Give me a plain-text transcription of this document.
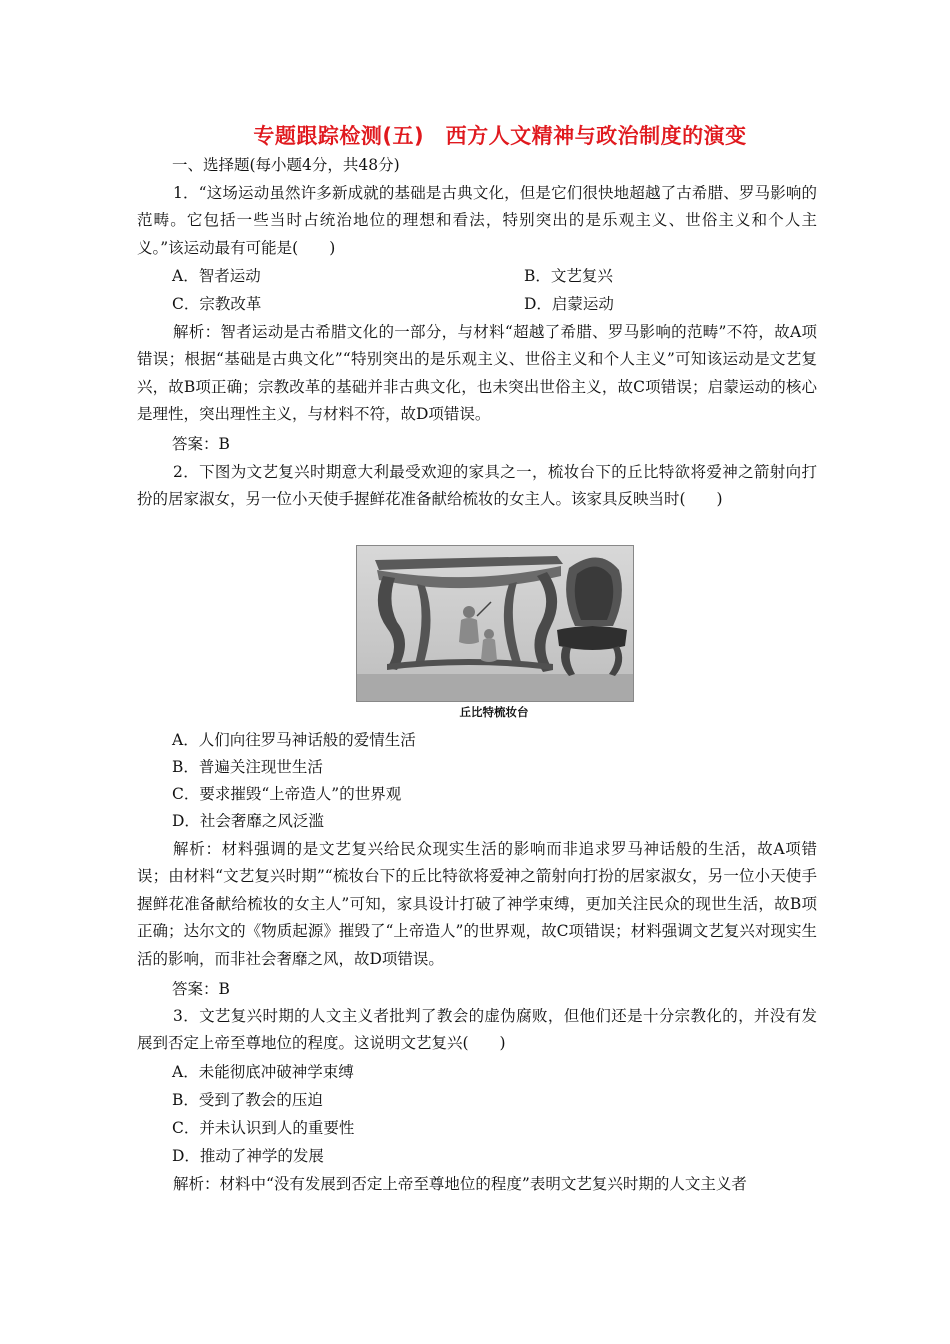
专题跟踪检测(五)　西方人文精神与政治制度的演变
一、选择题(每小题4分，共48分)
1．“这场运动虽然许多新成就的基础是古典文化，但是它们很快地超越了古希腊、罗马影响的范畴。它包括一些当时占统治地位的理想和看法，特别突出的是乐观主义、世俗主义和个人主义。”该运动最有可能是(　　)
A．智者运动	B．文艺复兴
C．宗教改革	D．启蒙运动
解析：智者运动是古希腊文化的一部分，与材料“超越了希腊、罗马影响的范畴”不符，故A项错误；根据“基础是古典文化”“特别突出的是乐观主义、世俗主义和个人主义”可知该运动是文艺复兴，故B项正确；宗教改革的基础并非古典文化，也未突出世俗主义，故C项错误；启蒙运动的核心是理性，突出理性主义，与材料不符，故D项错误。
答案：B
2．下图为文艺复兴时期意大利最受欢迎的家具之一，梳妆台下的丘比特欲将爱神之箭射向打扮的居家淑女，另一位小天使手握鲜花准备献给梳妆的女主人。该家具反映当时(　　)
丘比特梳妆台
A．人们向往罗马神话般的爱情生活
B．普遍关注现世生活
C．要求摧毁“上帝造人”的世界观
D．社会奢靡之风泛滥
解析：材料强调的是文艺复兴给民众现实生活的影响而非追求罗马神话般的生活，故A项错误；由材料“文艺复兴时期”“梳妆台下的丘比特欲将爱神之箭射向打扮的居家淑女，另一位小天使手握鲜花准备献给梳妆的女主人”可知，家具设计打破了神学束缚，更加关注民众的现世生活，故B项正确；达尔文的《物质起源》摧毁了“上帝造人”的世界观，故C项错误；材料强调文艺复兴对现实生活的影响，而非社会奢靡之风，故D项错误。
答案：B
3．文艺复兴时期的人文主义者批判了教会的虚伪腐败，但他们还是十分宗教化的，并没有发展到否定上帝至尊地位的程度。这说明文艺复兴(　　)
A．未能彻底冲破神学束缚
B．受到了教会的压迫
C．并未认识到人的重要性
D．推动了神学的发展
解析：材料中“没有发展到否定上帝至尊地位的程度”表明文艺复兴时期的人文主义者
